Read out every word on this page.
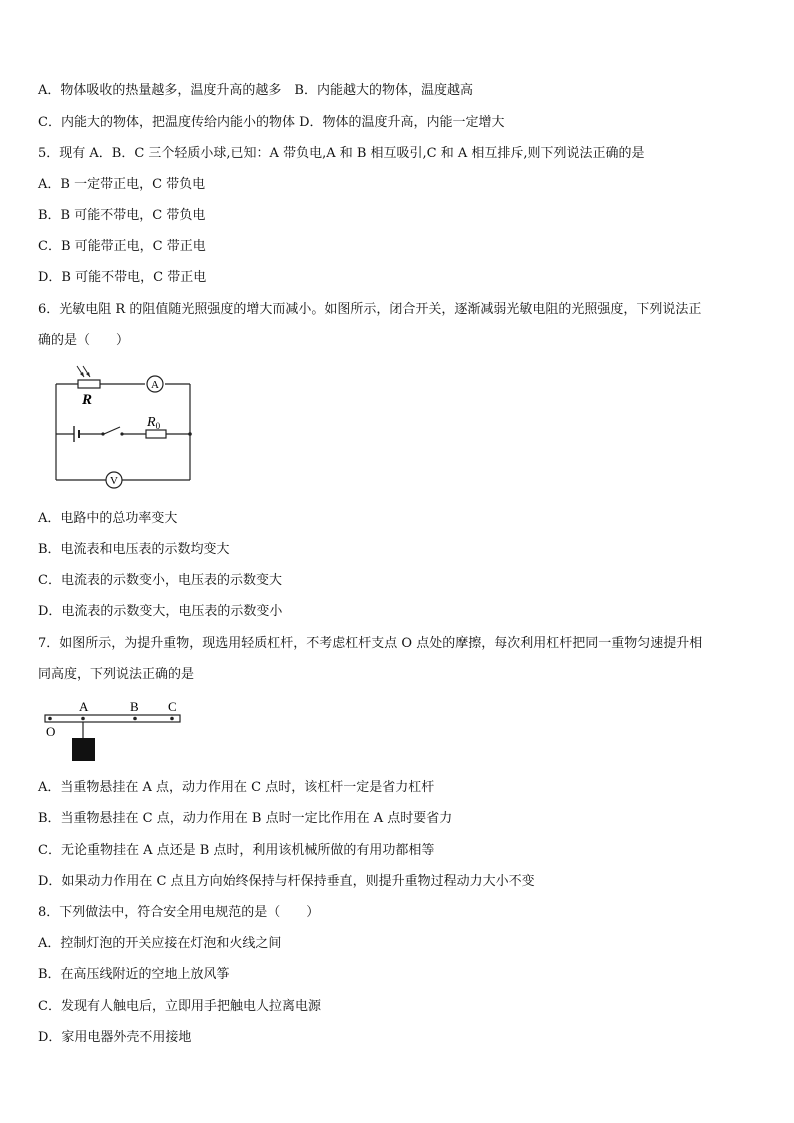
A．物体吸收的热量越多，温度升高的越多　B．内能越大的物体，温度越高
C．内能大的物体，把温度传给内能小的物体 D．物体的温度升高，内能一定增大
5．现有 A．B．C 三个轻质小球,已知：A 带负电,A 和 B 相互吸引,C 和 A 相互排斥,则下列说法正确的是
A．B 一定带正电，C 带负电
B．B 可能不带电，C 带负电
C．B 可能带正电，C 带正电
D．B 可能不带电，C 带正电
6．光敏电阻 R 的阻值随光照强度的增大而减小。如图所示，闭合开关，逐渐减弱光敏电阻的光照强度，下列说法正
确的是（　　）
R
A
$R_0$
V
A．电路中的总功率变大
B．电流表和电压表的示数均变大
C．电流表的示数变小，电压表的示数变大
D．电流表的示数变大，电压表的示数变小
7．如图所示，为提升重物，现选用轻质杠杆，不考虑杠杆支点 O 点处的摩擦，每次利用杠杆把同一重物匀速提升相
同高度，下列说法正确的是
O
A	B C
A．当重物悬挂在 A 点，动力作用在 C 点时，该杠杆一定是省力杠杆
B．当重物悬挂在 C 点，动力作用在 B 点时一定比作用在 A 点时要省力
C．无论重物挂在 A 点还是 B 点时，利用该机械所做的有用功都相等
D．如果动力作用在 C 点且方向始终保持与杆保持垂直，则提升重物过程动力大小不变
8．下列做法中，符合安全用电规范的是（　　）
A．控制灯泡的开关应接在灯泡和火线之间
B．在高压线附近的空地上放风筝
C．发现有人触电后，立即用手把触电人拉离电源
D．家用电器外壳不用接地
